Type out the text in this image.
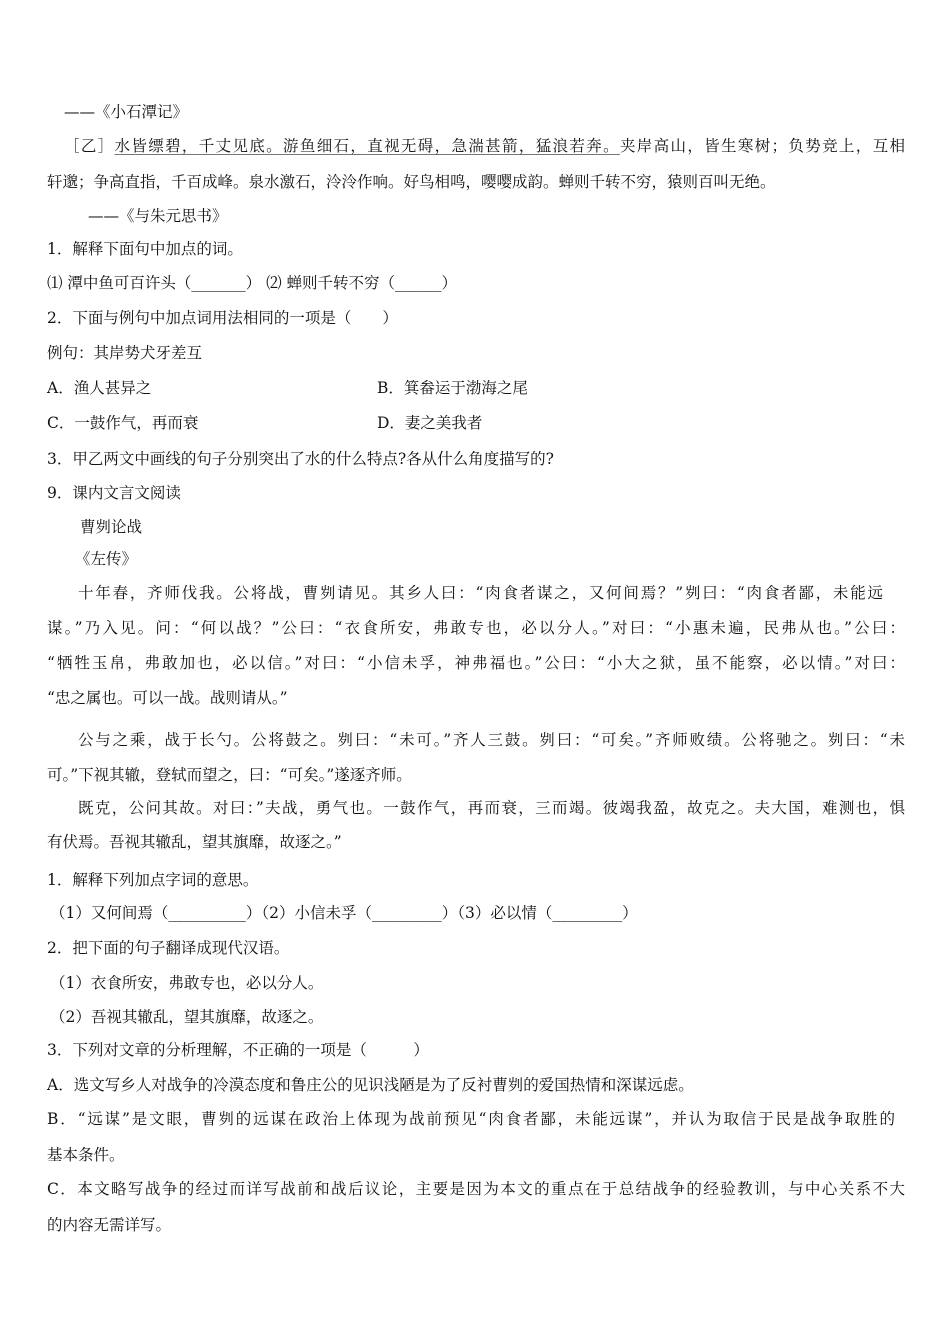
——《小石潭记》
［乙］水皆缥碧，千丈见底。游鱼细石，直视无碍，急湍甚箭，猛浪若奔。夹岸高山，皆生寒树；负势竞上，互相
轩邈；争高直指，千百成峰。泉水激石，泠泠作响。好鸟相鸣，嘤嘤成韵。蝉则千转不穷，猿则百叫无绝。
——《与朱元思书》
1．解释下面句中加点的词。
⑴ 潭中鱼可百许头（_______） ⑵ 蝉则千转不穷（______）
2．下面与例句中加点词用法相同的一项是（　　）
例句：其岸势犬牙差互
A．渔人甚异之	B．箕畚运于渤海之尾
C．一鼓作气，再而衰	D．妻之美我者
3．甲乙两文中画线的句子分别突出了水的什么特点?各从什么角度描写的?
9．课内文言文阅读
曹刿论战
《左传》
十年春，齐师伐我。公将战，曹刿请见。其乡人曰：“肉食者谋之，又何间焉？”刿曰：“肉食者鄙，未能远
谋。”乃入见。问：“何以战？”公曰：“衣食所安，弗敢专也，必以分人。”对曰：“小惠未遍，民弗从也。”公曰：
“牺牲玉帛，弗敢加也，必以信。”对曰：“小信未孚，神弗福也。”公曰：“小大之狱，虽不能察，必以情。”对曰：
“忠之属也。可以一战。战则请从。”
公与之乘，战于长勺。公将鼓之。刿曰：“未可。”齐人三鼓。刿曰：“可矣。”齐师败绩。公将驰之。刿曰：“未
可。”下视其辙，登轼而望之，曰：“可矣。”遂逐齐师。
既克，公问其故。对曰：”夫战，勇气也。一鼓作气，再而衰，三而竭。彼竭我盈，故克之。夫大国，难测也，惧
有伏焉。吾视其辙乱，望其旗靡，故逐之。”
1．解释下列加点字词的意思。
（1）又何间焉（__________）（2）小信未孚（_________）（3）必以情（_________）
2．把下面的句子翻译成现代汉语。
（1）衣食所安，弗敢专也，必以分人。
（2）吾视其辙乱，望其旗靡，故逐之。
3．下列对文章的分析理解，不正确的一项是（　　　）
A．选文写乡人对战争的冷漠态度和鲁庄公的见识浅陋是为了反衬曹刿的爱国热情和深谋远虑。
B．“远谋”是文眼，曹刿的远谋在政治上体现为战前预见“肉食者鄙，未能远谋”，并认为取信于民是战争取胜的
基本条件。
C．本文略写战争的经过而详写战前和战后议论，主要是因为本文的重点在于总结战争的经验教训，与中心关系不大
的内容无需详写。
